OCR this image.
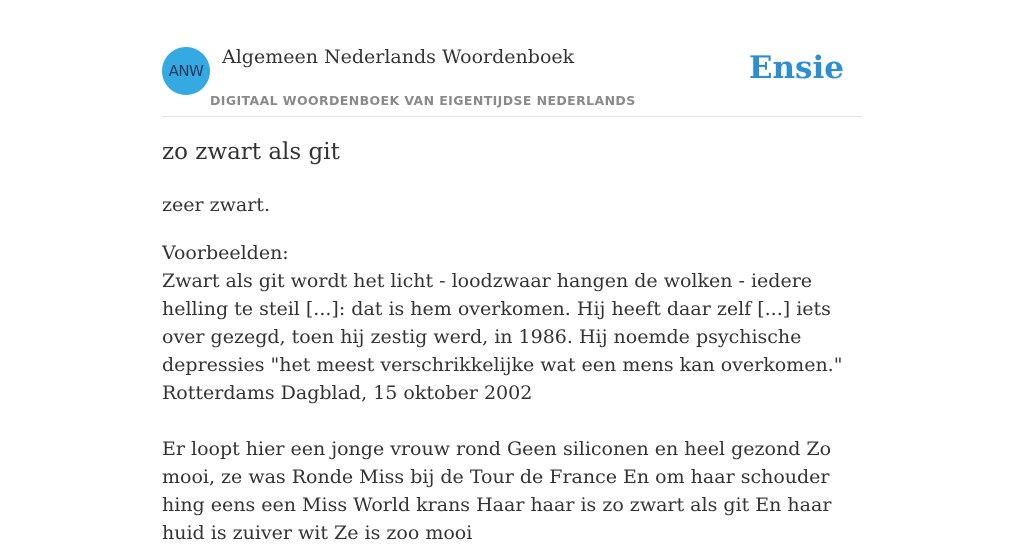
ANW
Algemeen Nederlands Woordenboek
DIGITAAL WOORDENBOEK VAN EIGENTIJDSE NEDERLANDS
Ensie
zo zwart als git

zeer zwart.

Voorbeelden:

Zwart als git wordt het licht - loodzwaar hangen de wolken - iedere helling te steil [...]: dat is hem overkomen. Hij heeft daar zelf [...] iets over gezegd, toen hij zestig werd, in 1986. Hij noemde psychische depressies "het meest verschrikkelijke wat een mens kan overkomen."

Rotterdams Dagblad, 15 oktober 2002

Er loopt hier een jonge vrouw rond Geen siliconen en heel gezond Zo mooi, ze was Ronde Miss bij de Tour de France En om haar schouder hing eens een Miss World krans Haar haar is zo zwart als git En haar huid is zuiver wit Ze is zoo mooi
